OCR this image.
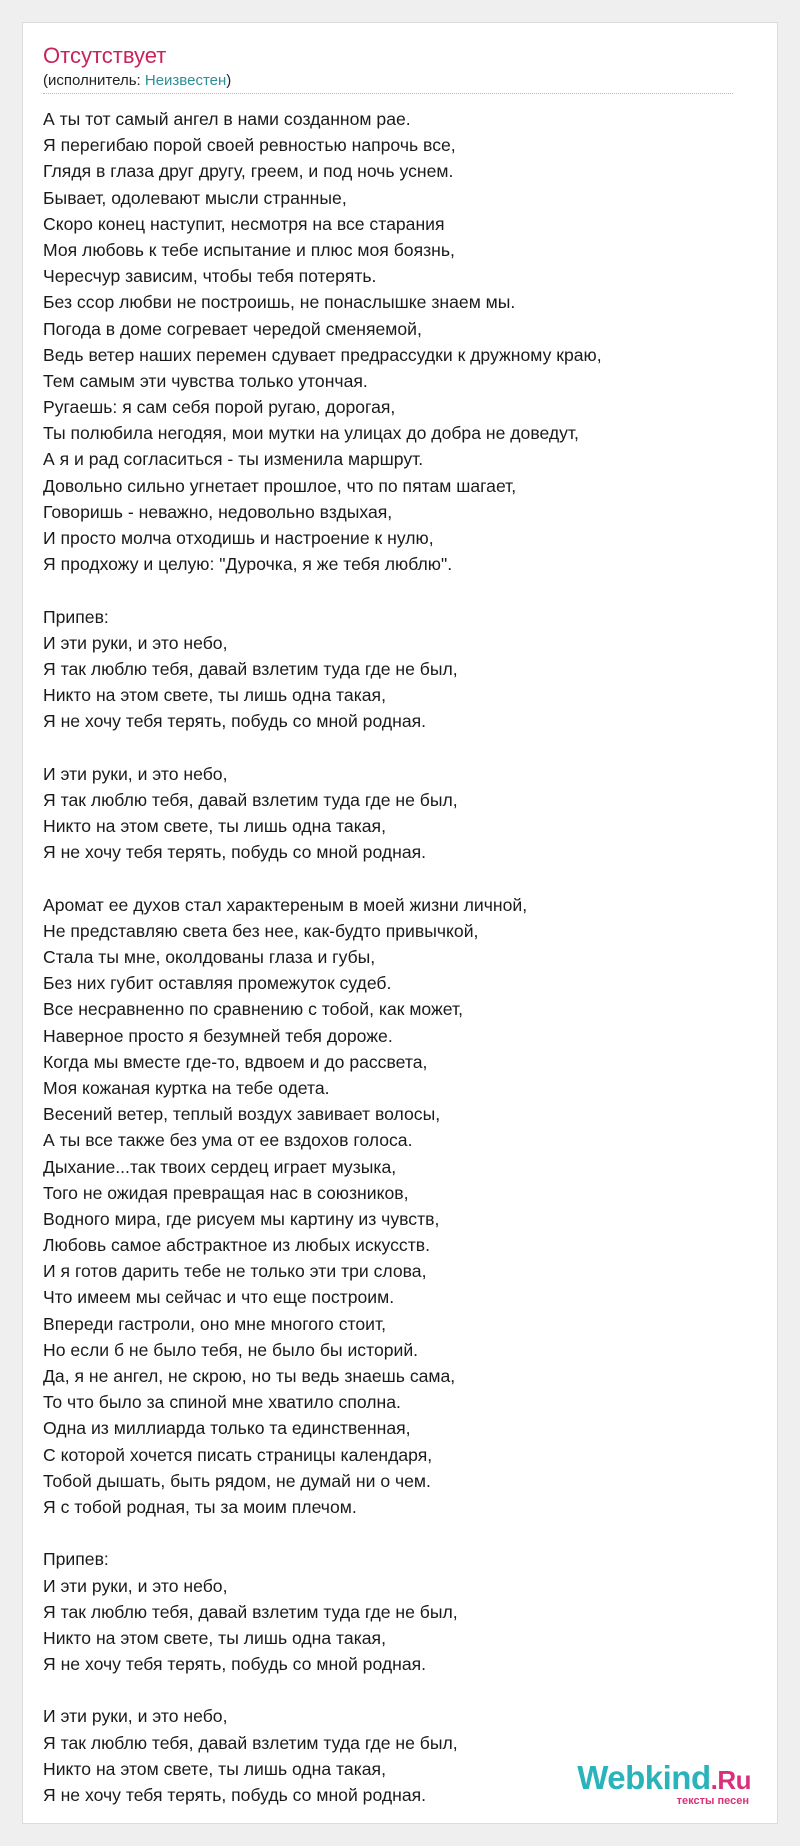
Отсутствует
(исполнитель: Неизвестен)
А ты тот самый ангел в нами созданном рае.
Я перегибаю порой своей ревностью напрочь все,
Глядя в глаза друг другу, греем, и под ночь уснем.
Бывает, одолевают мысли странные,
Скоро конец наступит, несмотря на все старания
Моя любовь к тебе испытание и плюс моя боязнь,
Чересчур зависим, чтобы тебя потерять.
Без ссор любви не построишь, не понаслышке знаем мы.
Погода в доме согревает чередой сменяемой,
Ведь ветер наших перемен сдувает предрассудки к дружному краю,
Тем самым эти чувства только утончая.
Ругаешь: я сам себя порой ругаю, дорогая,
Ты полюбила негодяя, мои мутки на улицах до добра не доведут,
А я и рад согласиться - ты изменила маршрут.
Довольно сильно угнетает прошлое, что по пятам шагает,
Говоришь - неважно, недовольно вздыхая,
И просто молча отходишь и настроение к нулю,
Я продхожу и целую: "Дурочка, я же тебя люблю".
Припев:
И эти руки, и это небо,
Я так люблю тебя, давай взлетим туда где не был,
Никто на этом свете, ты лишь одна такая,
Я не хочу тебя терять, побудь со мной родная.
И эти руки, и это небо,
Я так люблю тебя, давай взлетим туда где не был,
Никто на этом свете, ты лишь одна такая,
Я не хочу тебя терять, побудь со мной родная.
Аромат ее духов стал характереным в моей жизни личной,
Не представляю света без нее, как-будто привычкой,
Стала ты мне, околдованы глаза и губы,
Без них губит оставляя промежуток судеб.
Все несравненно по сравнению с тобой, как может,
Наверное просто я безумней тебя дороже.
Когда мы вместе где-то, вдвоем и до рассвета,
Моя кожаная куртка на тебе одета.
Весений ветер, теплый воздух завивает волосы,
А ты все также без ума от ее вздохов голоса.
Дыхание...так твоих сердец играет музыка,
Того не ожидая превращая нас в союзников,
Водного мира, где рисуем мы картину из чувств,
Любовь самое абстрактное из любых искусств.
И я готов дарить тебе не только эти три слова,
Что имеем мы сейчас и что еще построим.
Впереди гастроли, оно мне многого стоит,
Но если б не было тебя, не было бы историй.
Да, я не ангел, не скрою, но ты ведь знаешь сама,
То что было за спиной мне хватило сполна.
Одна из миллиарда только та единственная,
С которой хочется писать страницы календаря,
Тобой дышать, быть рядом, не думай ни о чем.
Я с тобой родная, ты за моим плечом.
Припев:
И эти руки, и это небо,
Я так люблю тебя, давай взлетим туда где не был,
Никто на этом свете, ты лишь одна такая,
Я не хочу тебя терять, побудь со мной родная.
И эти руки, и это небо,
Я так люблю тебя, давай взлетим туда где не был,
Никто на этом свете, ты лишь одна такая,
Я не хочу тебя терять, побудь со мной родная.	Webkind.Ru
тексты песен
